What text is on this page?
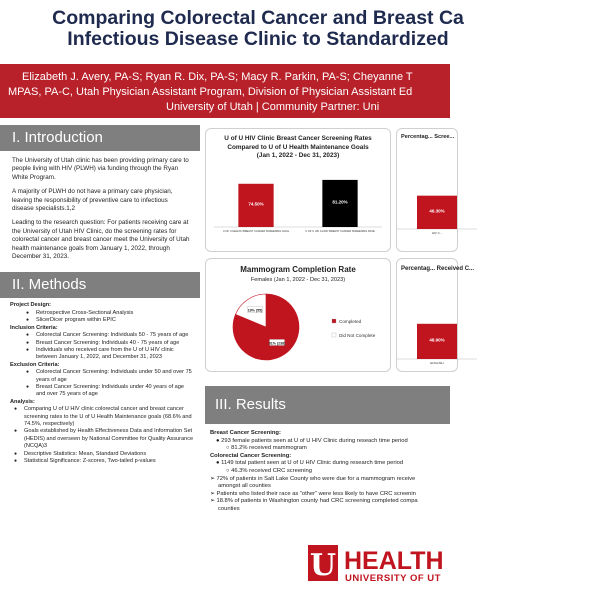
Comparing Colorectal Cancer and Breast Ca
Infectious Disease Clinic to Standardized
Elizabeth J. Avery, PA-S; Ryan R. Dix, PA-S; Macy R. Parkin, PA-S; Cheyanne T
MPAS, PA-C, Utah Physician Assistant Program, Division of Physician Assistant Ed
University of Utah | Community Partner: Uni
I. Introduction

The University of Utah clinic has been providing primary care to people living with HIV (PLWH) via funding through the Ryan White Program.

A majority of PLWH do not have a primary care physician, leaving the responsibility of preventive care to infectious disease specialists.1,2

Leading to the research question: For patients receiving care at the University of Utah HIV Clinic, do the screening rates for colorectal cancer and breast cancer meet the University of Utah health maintenance goals from January 1, 2022, through December 31, 2023.

II. Methods
Project Design:
● Retrospective Cross-Sectional Analysis
● SlicerDicer program within EPIC
Inclusion Criteria:
● Colorectal Cancer Screening: Individuals 50 - 75 years of age
● Breast Cancer Screening: Individuals 40 - 75 years of age
● Individuals who received care from the U of U HIV clinic between January 1, 2022, and December 31, 2023
Exclusion Criteria:
● Colorectal Cancer Screening: Individuals under 50 and over 75 years of age
● Breast Cancer Screening: Individuals under 40 years of age and over 75 years of age
Analysis:
● Comparing U of U HIV clinic colorectal cancer and breast cancer screening rates to the U of U Health Maintenance goals (68.6% and 74.5%, respectively)
● Goals established by Health Effectiveness Data and Information Set (HEDIS) and overseen by National Committee for Quality Assurance (NCQA)3
● Descriptive Statistics: Mean, Standard Deviations
● Statistical Significance: Z-scores, Two-tailed p-values
U of U HIV Clinic Breast Cancer Screening Rates Compared to U of U Health Maintenance Goals
(Jan 1, 2022 - Dec 31, 2023)
74.50%
U OF U HEALTH BREAST CANCER SCREENING GOAL
81.20%
U OF U HIV CLINIC BREAST CANCER SCREENING RATE
Percentag... Scree...
46.30%
HIV C...
Mammogram Completion Rate
Females (Jan 1, 2022 - Dec 31, 2023)
81% (238)
19% (55)
Completed
Did Not Complete
Percentag... Received C...
48.90%
ENGLISH
III. Results
Breast Cancer Screening:
● 293 female patients seen at U of U HIV Clinic during reseach time period
○ 81.2% received mammogram
Colorectal Cancer Screening:
● 1149 total patient seen at U of U HIV Clinic during research time period
○ 46.3% received CRC screening
➢ 72% of patients in Salt Lake County who were due for a mammogram receive
amongst all counties
➢ Patients who listed their race as “other” were less likely to have CRC screenin
➢ 18.8% of patients in Washington county had CRC screening completed compa
counties
U HEALTH
UNIVERSITY OF UT
